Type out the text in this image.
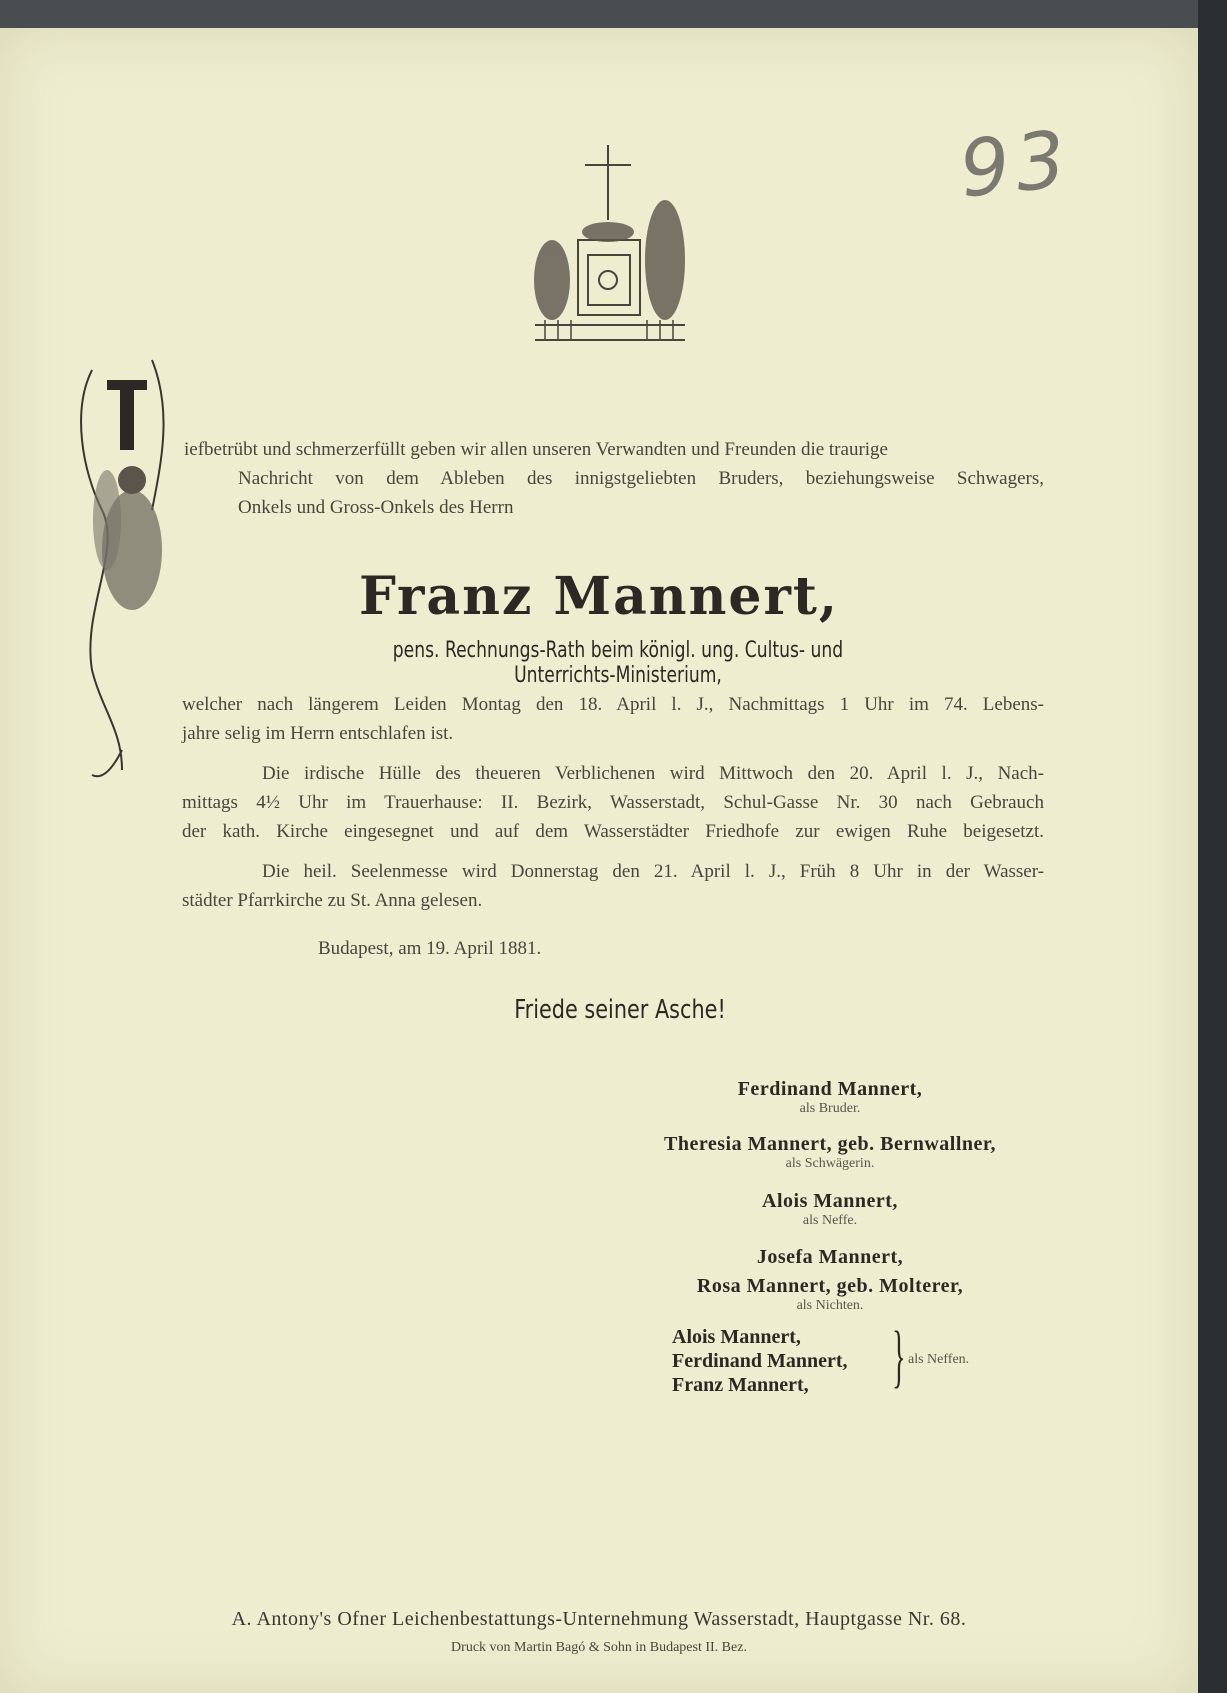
93
iefbetrübt und schmerzerfüllt geben wir allen unseren Verwandten und Freunden die traurige
Nachricht von dem Ableben des innigstgeliebten Bruders, beziehungsweise Schwagers,
Onkels und Gross-Onkels des Herrn
Franz Mannert,
pens. Rechnungs-Rath beim königl. ung. Cultus- und Unterrichts-Ministerium,
welcher nach längerem Leiden Montag den 18. April l. J., Nachmittags 1 Uhr im 74. Lebens-
jahre selig im Herrn entschlafen ist.
Die irdische Hülle des theueren Verblichenen wird Mittwoch den 20. April l. J., Nach-
mittags 4½ Uhr im Trauerhause: II. Bezirk, Wasserstadt, Schul-Gasse Nr. 30 nach Gebrauch
der kath. Kirche eingesegnet und auf dem Wasserstädter Friedhofe zur ewigen Ruhe beigesetzt.
Die heil. Seelenmesse wird Donnerstag den 21. April l. J., Früh 8 Uhr in der Wasser-
städter Pfarrkirche zu St. Anna gelesen.
Budapest, am 19. April 1881.
Friede seiner Asche!
Ferdinand Mannert,
als Bruder.
Theresia Mannert, geb. Bernwallner,
als Schwägerin.
Alois Mannert,
als Neffe.
Josefa Mannert,
Rosa Mannert, geb. Molterer,
als Nichten.
Alois Mannert,
Ferdinand Mannert,
Franz Mannert,	} als Neffen.
A. Antony's Ofner Leichenbestattungs-Unternehmung Wasserstadt, Hauptgasse Nr. 68.
Druck von Martin Bagó & Sohn in Budapest II. Bez.
